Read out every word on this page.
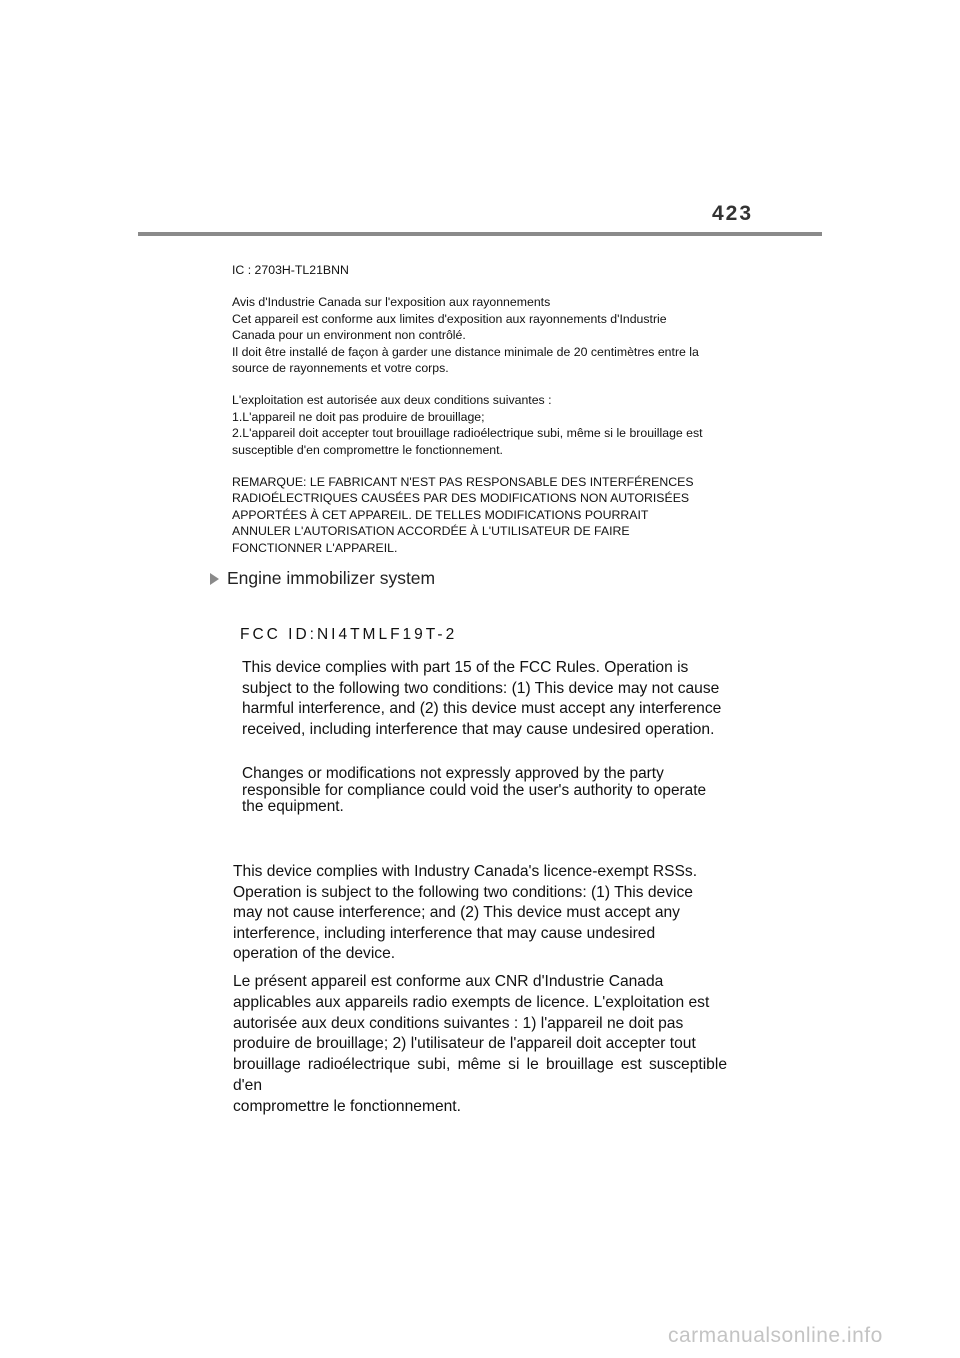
423

IC : 2703H-TL21BNN

Avis d'Industrie Canada sur l'exposition aux rayonnements

Cet appareil est conforme aux limites d'exposition aux rayonnements d'Industrie

Canada pour un environment non contrôlé.

Il doit être installé de façon à garder une distance minimale de 20 centimètres entre la

source de rayonnements et votre corps.

L'exploitation est autorisée aux deux conditions suivantes :

1.L'appareil ne doit pas produire de brouillage;

2.L'appareil doit accepter tout brouillage radioélectrique subi, même si le brouillage est

susceptible d'en compromettre le fonctionnement.

REMARQUE: LE FABRICANT N'EST PAS RESPONSABLE DES INTERFÉRENCES

RADIOÉLECTRIQUES CAUSÉES PAR DES MODIFICATIONS NON AUTORISÉES

APPORTÉES À CET APPAREIL. DE TELLES MODIFICATIONS POURRAIT

ANNULER L'AUTORISATION ACCORDÉE À L'UTILISATEUR DE FAIRE

FONCTIONNER L'APPAREIL.

Engine immobilizer system
FCC ID:NI4TMLF19T-2

This device complies with part 15 of the FCC Rules. Operation is

subject to the following two conditions: (1) This device may not cause

harmful interference, and (2) this device must accept any interference

received, including interference that may cause undesired operation.

Changes or modifications not expressly approved by the party

responsible for compliance could void the user's authority to operate

the equipment.

This device complies with Industry Canada's licence-exempt RSSs.

Operation is subject to the following two conditions: (1) This device

may not cause interference; and (2) This device must accept any

interference, including interference that may cause undesired

operation of the device.

Le présent appareil est conforme aux CNR d'Industrie Canada

applicables aux appareils radio exempts de licence. L'exploitation est

autorisée aux deux conditions suivantes : 1) l'appareil ne doit pas

produire de brouillage; 2) l'utilisateur de l'appareil doit accepter tout

brouillage radioélectrique subi, même si le brouillage est susceptible d'en

compromettre le fonctionnement.

carmanualsonline.info
